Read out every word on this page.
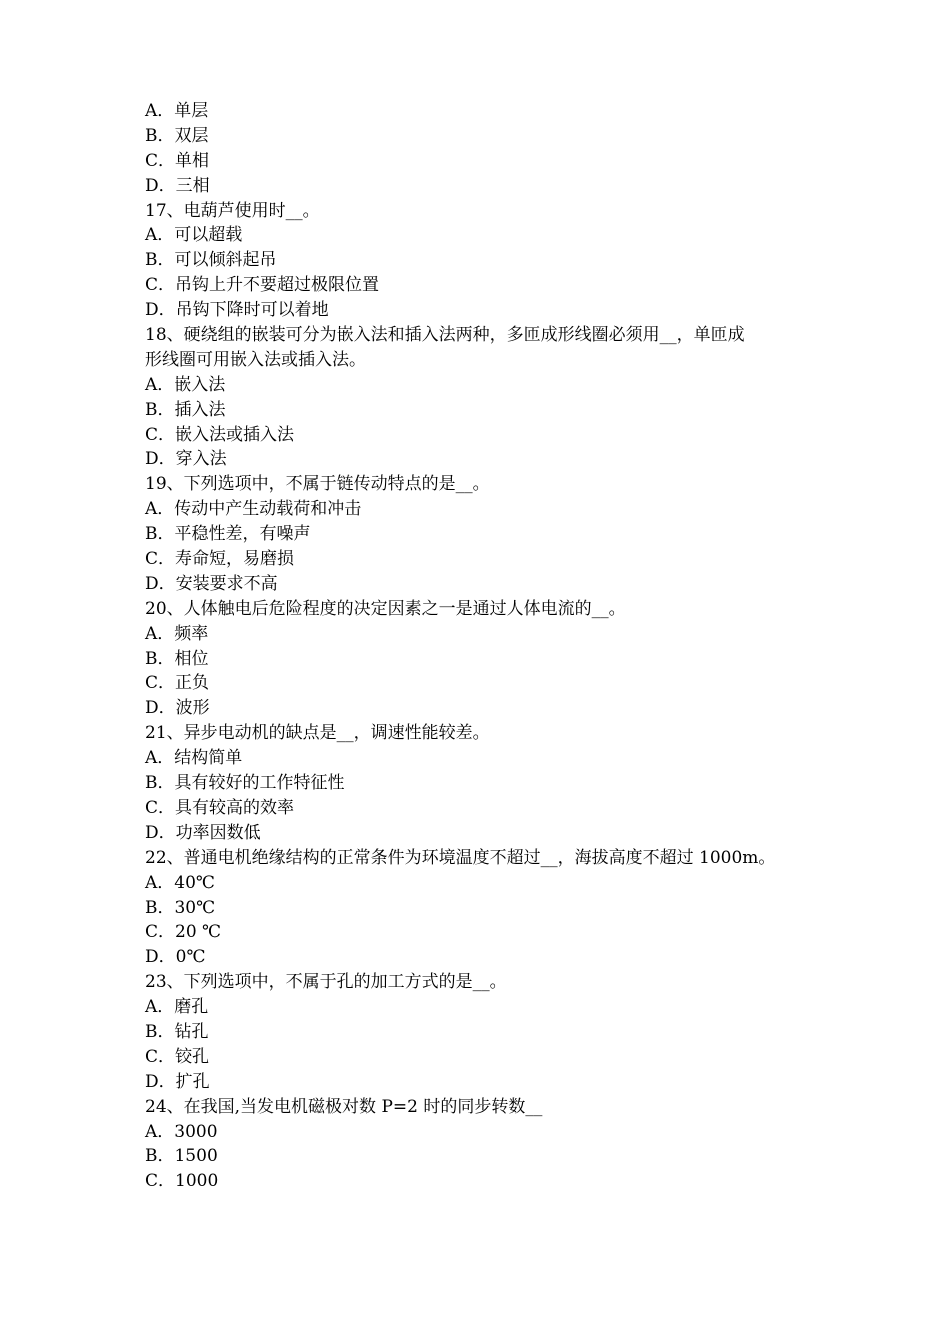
A．单层
B．双层
C．单相
D．三相
17、电葫芦使用时__。
A．可以超载
B．可以倾斜起吊
C．吊钩上升不要超过极限位置
D．吊钩下降时可以着地
18、硬绕组的嵌装可分为嵌入法和插入法两种，多匝成形线圈必须用__，单匝成
形线圈可用嵌入法或插入法。
A．嵌入法
B．插入法
C．嵌入法或插入法
D．穿入法
19、下列选项中，不属于链传动特点的是__。
A．传动中产生动载荷和冲击
B．平稳性差，有噪声
C．寿命短，易磨损
D．安装要求不高
20、人体触电后危险程度的决定因素之一是通过人体电流的__。
A．频率
B．相位
C．正负
D．波形
21、异步电动机的缺点是__，调速性能较差。
A．结构简单
B．具有较好的工作特征性
C．具有较高的效率
D．功率因数低
22、普通电机绝缘结构的正常条件为环境温度不超过__，海拔高度不超过 1000m。
A．40℃
B．30℃
C．20 ℃
D．0℃
23、下列选项中，不属于孔的加工方式的是__。
A．磨孔
B．钻孔
C．铰孔
D．扩孔
24、在我国,当发电机磁极对数 P=2 时的同步转数__
A．3000
B．1500
C．1000
